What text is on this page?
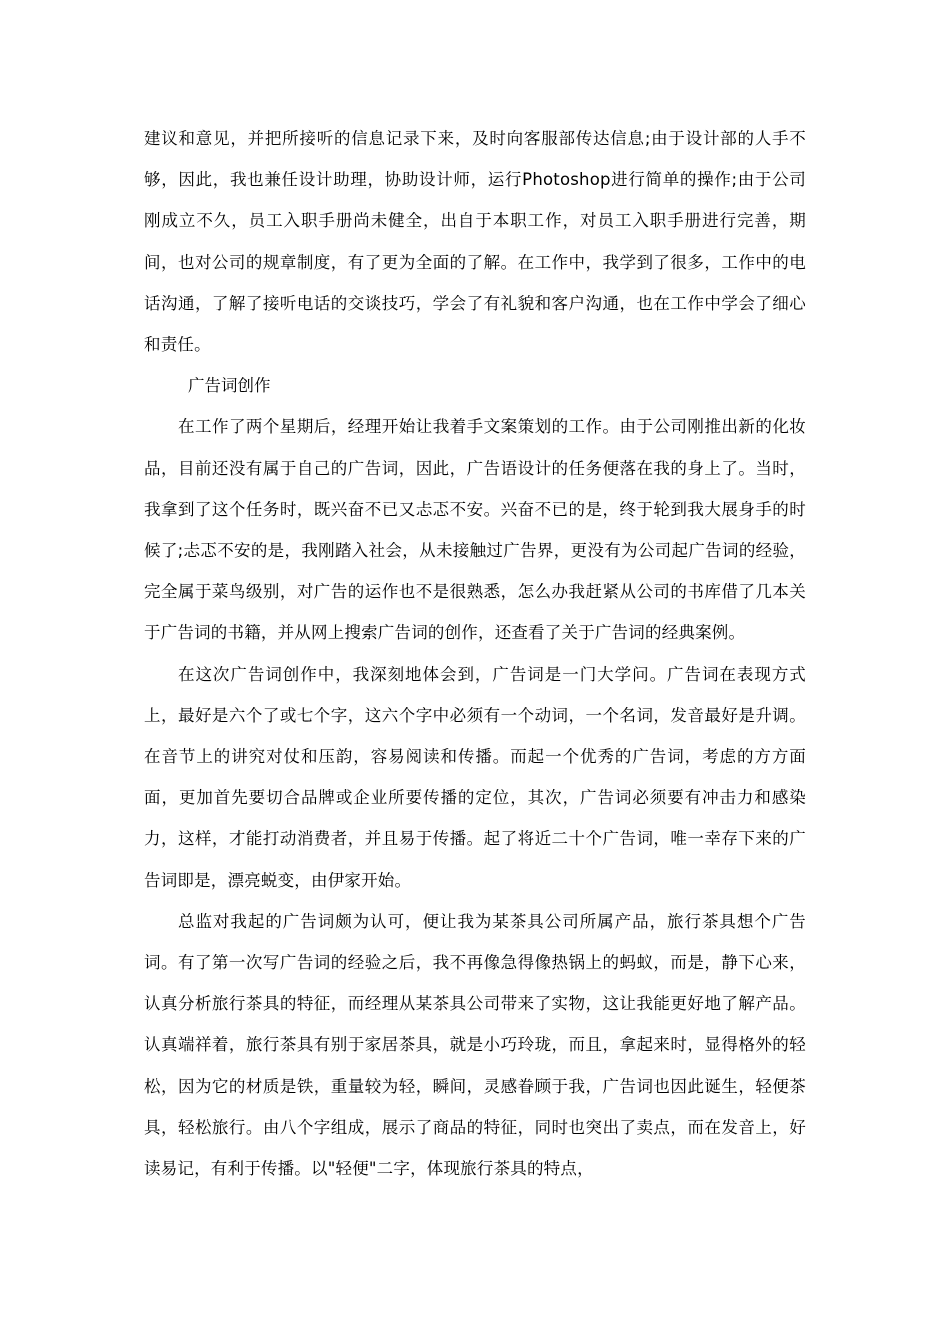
建议和意见，并把所接听的信息记录下来，及时向客服部传达信息;由于设计部的人手不够，因此，我也兼任设计助理，协助设计师，运行Photoshop进行简单的操作;由于公司刚成立不久，员工入职手册尚未健全，出自于本职工作，对员工入职手册进行完善，期间，也对公司的规章制度，有了更为全面的了解。在工作中，我学到了很多，工作中的电话沟通，了解了接听电话的交谈技巧，学会了有礼貌和客户沟通，也在工作中学会了细心和责任。

广告词创作

在工作了两个星期后，经理开始让我着手文案策划的工作。由于公司刚推出新的化妆品，目前还没有属于自己的广告词，因此，广告语设计的任务便落在我的身上了。当时，我拿到了这个任务时，既兴奋不已又忐忑不安。兴奋不已的是，终于轮到我大展身手的时候了;忐忑不安的是，我刚踏入社会，从未接触过广告界，更没有为公司起广告词的经验，完全属于菜鸟级别，对广告的运作也不是很熟悉，怎么办我赶紧从公司的书库借了几本关于广告词的书籍，并从网上搜索广告词的创作，还查看了关于广告词的经典案例。

在这次广告词创作中，我深刻地体会到，广告词是一门大学问。广告词在表现方式上，最好是六个了或七个字，这六个字中必须有一个动词，一个名词，发音最好是升调。在音节上的讲究对仗和压韵，容易阅读和传播。而起一个优秀的广告词，考虑的方方面面，更加首先要切合品牌或企业所要传播的定位，其次，广告词必须要有冲击力和感染力，这样，才能打动消费者，并且易于传播。起了将近二十个广告词，唯一幸存下来的广告词即是，漂亮蜕变，由伊家开始。

总监对我起的广告词颇为认可，便让我为某茶具公司所属产品，旅行茶具想个广告词。有了第一次写广告词的经验之后，我不再像急得像热锅上的蚂蚁，而是，静下心来，认真分析旅行茶具的特征，而经理从某茶具公司带来了实物，这让我能更好地了解产品。认真端祥着，旅行茶具有别于家居茶具，就是小巧玲珑，而且，拿起来时，显得格外的轻松，因为它的材质是铁，重量较为轻，瞬间，灵感眷顾于我，广告词也因此诞生，轻便茶具，轻松旅行。由八个字组成，展示了商品的特征，同时也突出了卖点，而在发音上，好读易记，有利于传播。以"轻便"二字，体现旅行茶具的特点，
